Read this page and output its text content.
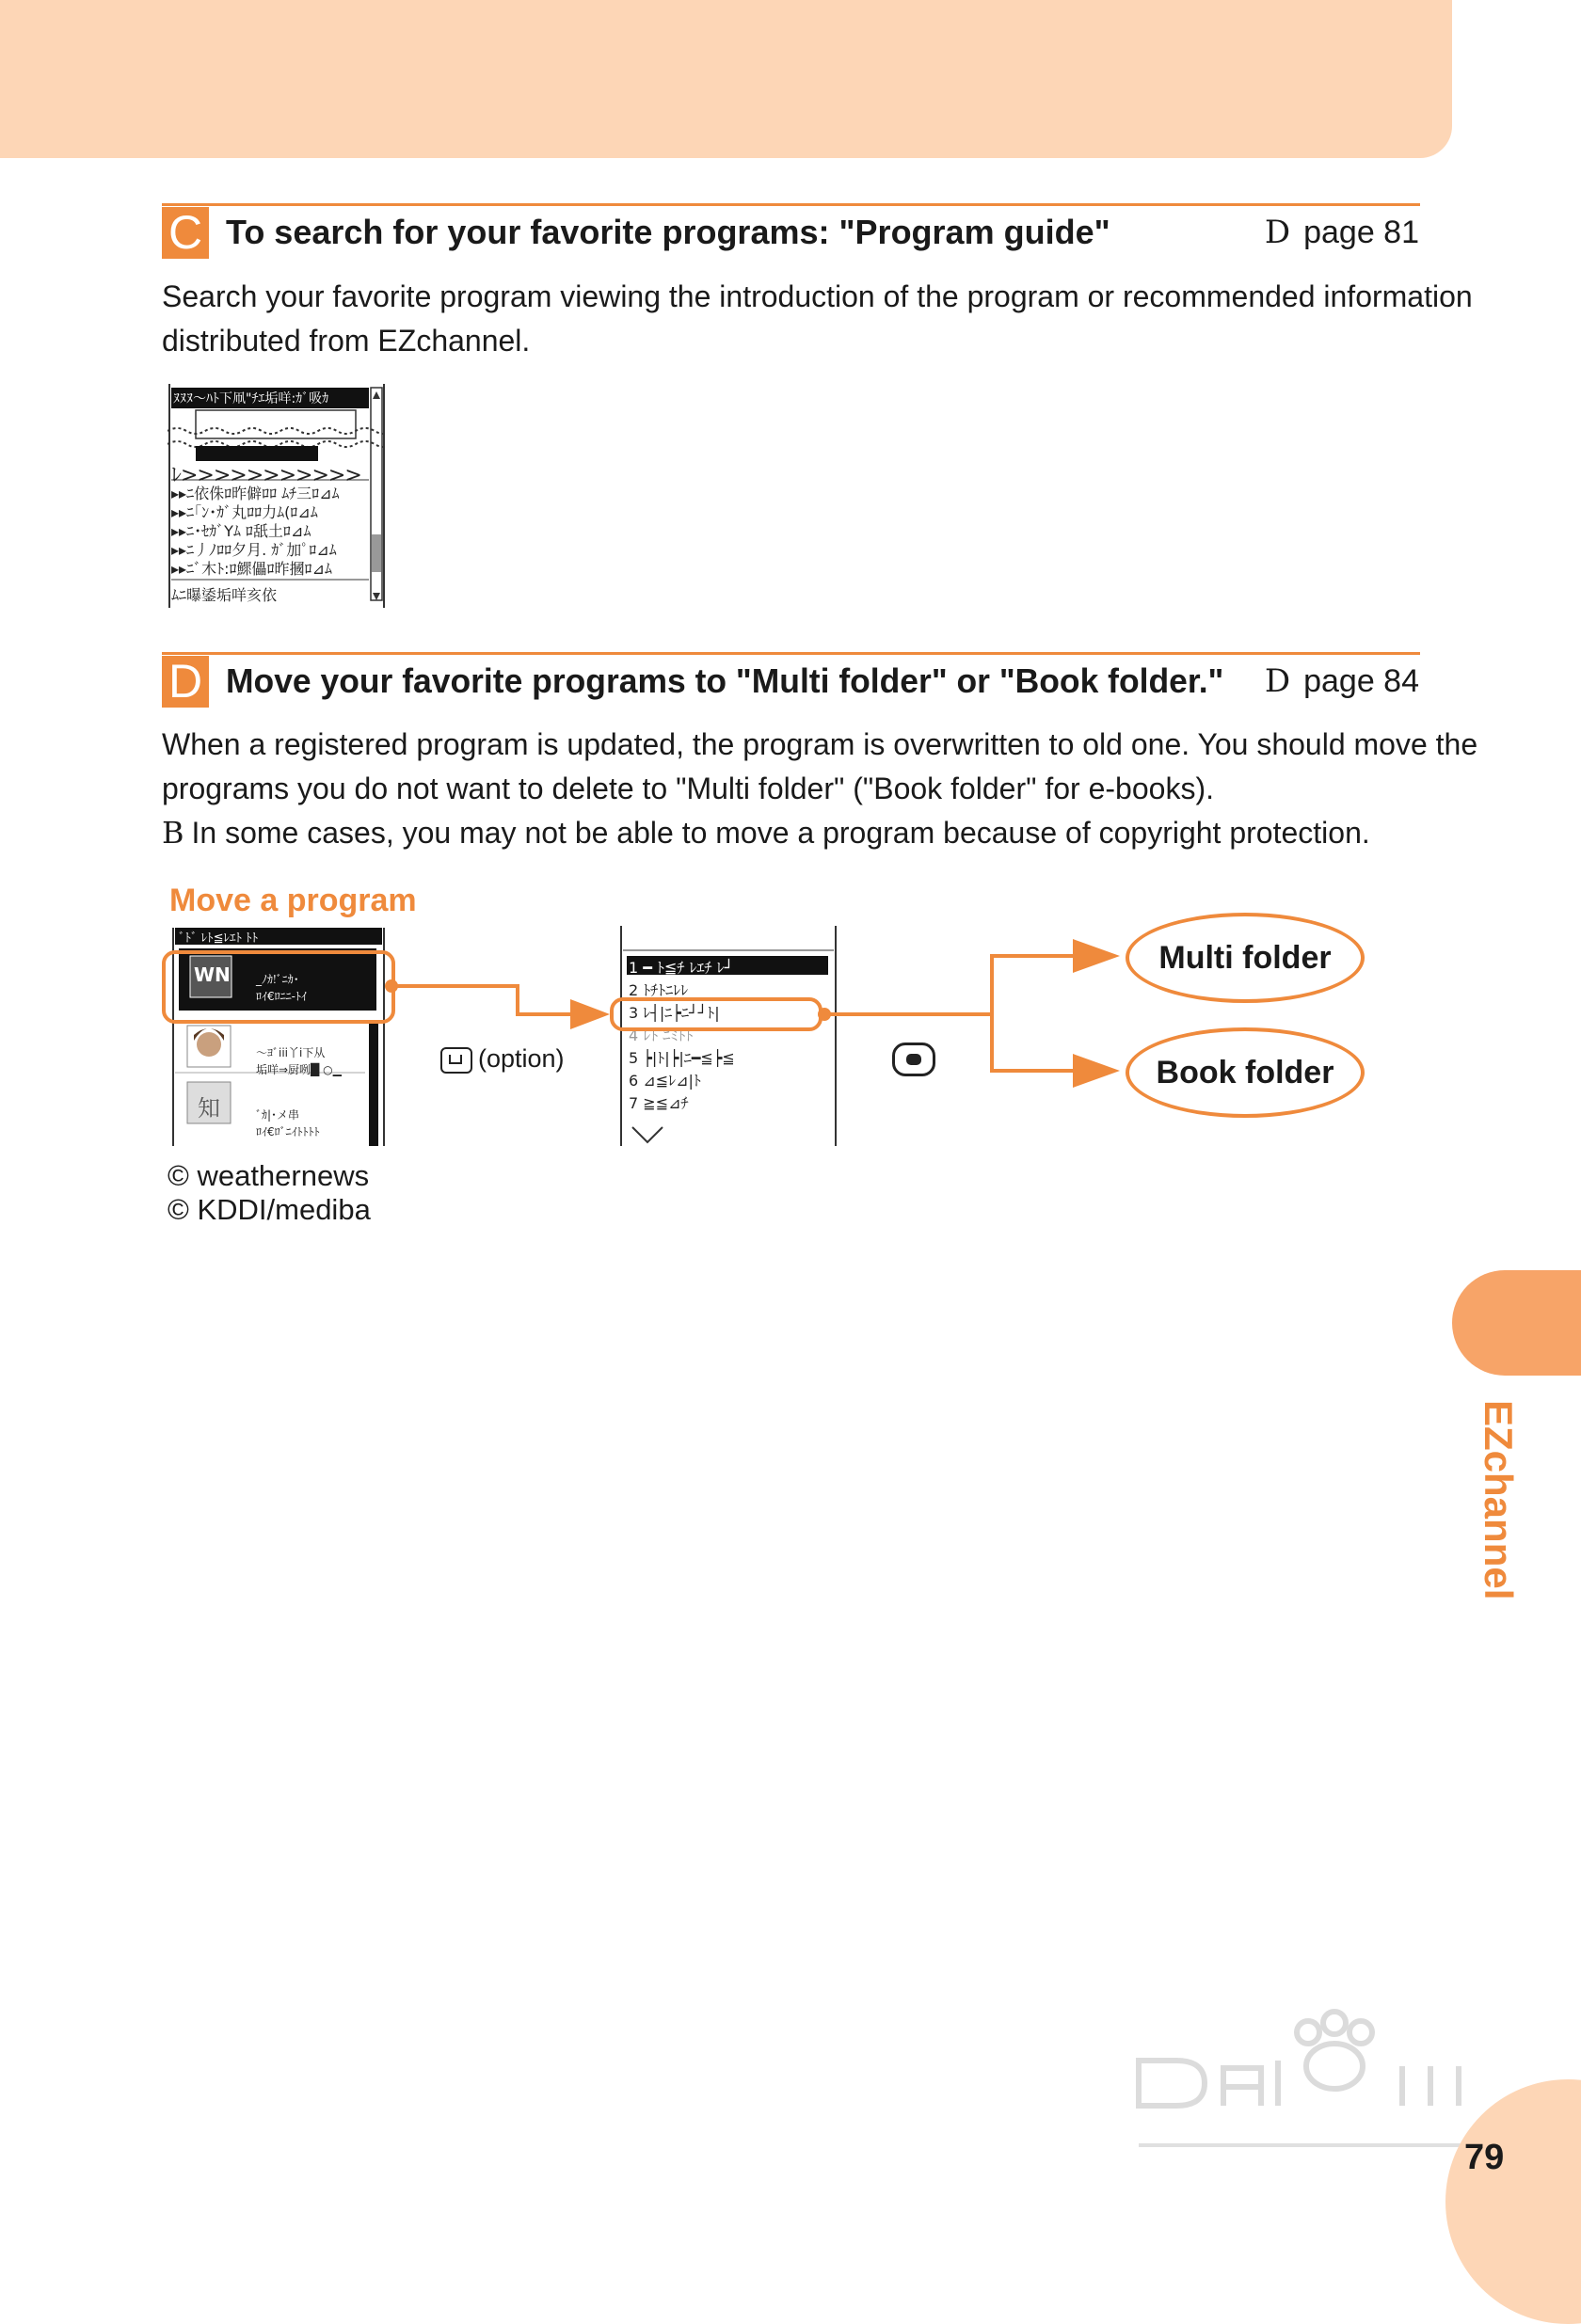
C To search for your favorite programs: "Program guide"	D page 81

Search your favorite program viewing the introduction of the program or recommended information

distributed from EZchannel.

ﾇﾇﾇ〜ﾊﾄ下凧"ﾁｴ垢咩:ｶﾞ吸ｶ
ﾚ>>>>>>>>>>>
▸▸ﾆ依侏ﾛ昨僻ﾛﾛ ﾑﾁ三ﾛ⊿ﾑ
▸▸ﾆ｢ﾝ･ｶﾞ丸ﾛﾛ力ﾑ(ﾛ⊿ﾑ
▸▸ﾆ･ｾｶﾞYﾑ ﾛ舐土ﾛ⊿ﾑ
▸▸ﾆ丿ﾉﾛﾛ夕月. ｶﾞ加ﾟﾛ⊿ﾑ
▸▸ﾆﾞ木ﾄ:ﾛ鰥儡ﾛ昨摑ﾛ⊿ﾑ
ﾑﾆ曝鋈垢咩亥依
D Move your favorite programs to "Multi folder" or "Book folder." D page 84

When a registered program is updated, the program is overwritten to old one. You should move the

programs you do not want to delete to "Multi folder" ("Book folder" for e-books).

B In some cases, you may not be able to move a program because of copyright protection.

Move a program
ﾞﾄﾞ ﾚﾄ≦ﾚｴﾄ ﾄﾄ
WN _ﾉｶ!ﾞﾆｶ･
ﾛｲ€ﾛﾆﾆ-ﾄｲ
〜ﾖﾞiii丫i下从
垢咩⇒厨咧█ ○▁
知	ﾞｶ|･メ串
ﾛｲ€ﾛﾞﾆｲﾄﾄﾄﾄ
1 ━ ﾄ≦ﾁ ﾚｴﾁ ﾚ┘
2 ﾄﾁﾄﾆﾚﾚ
3 ﾚ┤|ﾆ┝ﾆ┘┘ﾄ|
4 ﾚﾄ ﾆﾐﾄﾄ
5 ┝|ﾄ|┝|ﾆ━≦┝≦
6 ⊿≦ﾚ⊿|ﾄ
7 ≧≦⊿ﾁ
(option)
Multi folder
Book folder
© weathernews
© KDDI/mediba
EZchannel
79
